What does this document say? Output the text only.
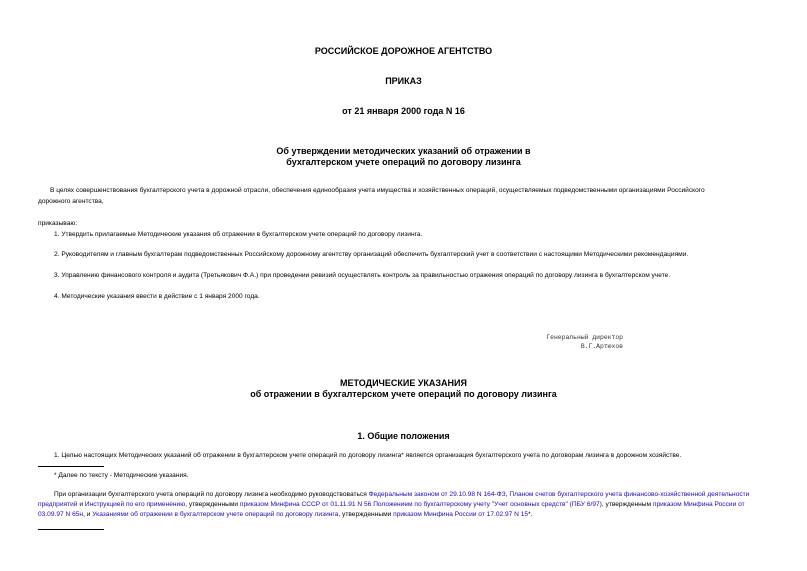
РОССИЙСКОЕ ДОРОЖНОЕ АГЕНТСТВО
ПРИКАЗ
от 21 января 2000 года N 16
Об утверждении методических указаний об отражении в
бухгалтерском учете операций по договору лизинга
В целях совершенствования бухгалтерского учета в дорожной отрасли, обеспечения единообразия учета имущества и хозяйственных операций, осуществляемых подведомственными организациями Российского
дорожного агентства,
приказываю:
1. Утвердить прилагаемые Методические указания об отражении в бухгалтерском учете операций по договору лизинга.
2. Руководителям и главным бухгалтерам подведомственных Российскому дорожному агентству организаций обеспечить бухгалтерский учет в соответствии с настоящими Методическими рекомендациями.
3. Управлению финансового контроля и аудита (Третьякович Ф.А.) при проведении ревизий осуществлять контроль за правильностью отражения операций по договору лизинга в бухгалтерском учете.
4. Методические указания ввести в действие с 1 января 2000 года.
Генеральный директор
В.Г.Артюхов
МЕТОДИЧЕСКИЕ УКАЗАНИЯ
об отражении в бухгалтерском учете операций по договору лизинга
1. Общие положения
1. Целью настоящих Методических указаний об отражении в бухгалтерском учете операций по договору лизинга* является организация бухгалтерского учета по договорам лизинга в дорожном хозяйстве.
* Далее по тексту - Методические указания.
При организации бухгалтерского учета операций по договору лизинга необходимо руководствоваться Федеральным законом от 29.10.98 N 164-ФЗ, Планом счетов бухгалтерского учета финансово-хозяйственной деятельности предприятий и Инструкцией по его применению, утвержденными приказом Минфина СССР от 01.11.91 N 56 Положением по бухгалтерскому учету "Учет основных средств" (ПБУ 6/97), утвержденным приказом Минфина России от 03.09.97 N 65н, и Указаниями об отражении в бухгалтерском учете операций по договору лизинга, утвержденными приказом Минфина России от 17.02.97 N 15*.
